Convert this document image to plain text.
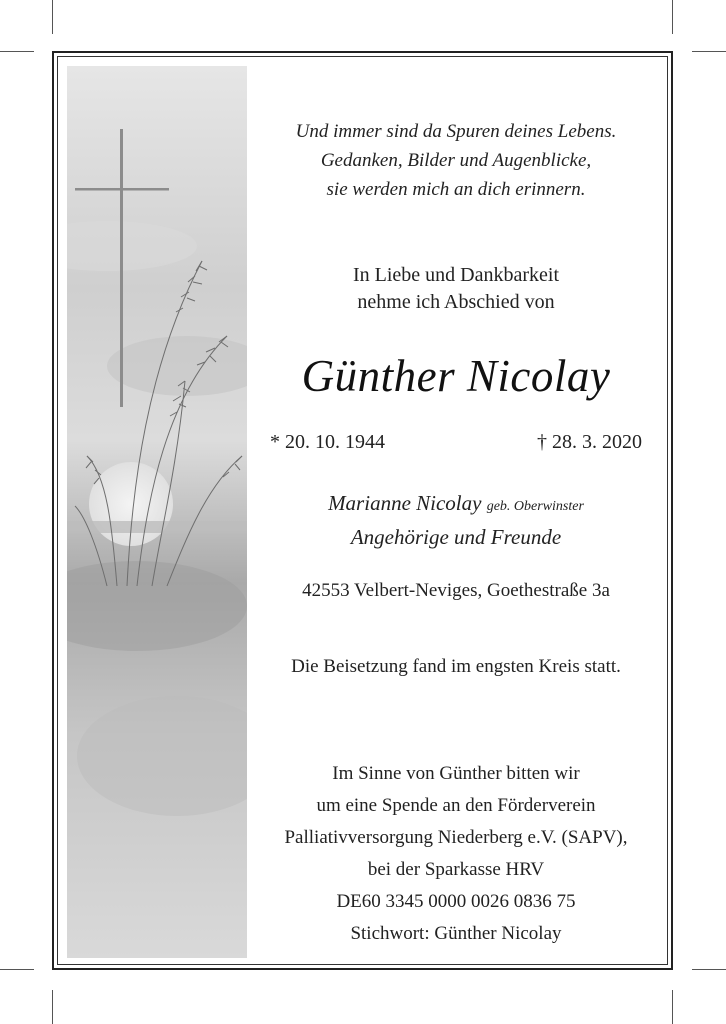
Und immer sind da Spuren deines Lebens.
Gedanken, Bilder und Augenblicke,
sie werden mich an dich erinnern.
In Liebe und Dankbarkeit
nehme ich Abschied von
Günther Nicolay
* 20. 10. 1944	† 28. 3. 2020
Marianne Nicolay geb. Oberwinster
Angehörige und Freunde
42553 Velbert-Neviges, Goethestraße 3a
Die Beisetzung fand im engsten Kreis statt.
Im Sinne von Günther bitten wir
um eine Spende an den Förderverein
Palliativversorgung Niederberg e.V. (SAPV),
bei der Sparkasse HRV
DE60 3345 0000 0026 0836 75
Stichwort: Günther Nicolay
